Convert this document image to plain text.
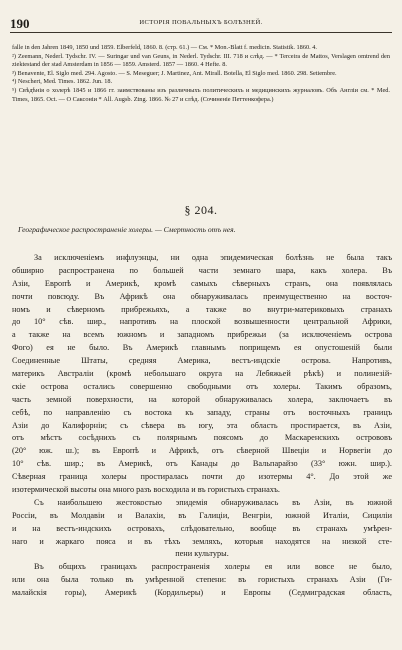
190	ИСТОРІЯ ПОВАЛЬНЫХЪ БОЛѢЗНЕЙ.

falle in den Jahren 1849, 1850 und 1859. Elberfeld, 1860. 8. (стр. 61.) — См. * Mon.-Blatt f. medicin. Statistik. 1860. 4.

²) Zeemann, Nederl. Tydschr. IV. — Suringar und van Geuns, in Nederl. Tydschr. III. 718 и слѣд. — * Terceira de Mattos, Verslagen omtrend den ziektestand der stad Amsterdam in 1856 — 1859. Amsterd. 1857 — 1860. 4 Hefte. 8.

³) Benavente, El. Siglo med. 294. Agosto. — S. Meseguer; J. Martinez, Ant. Mirall. Botella, El Siglo med. 1860. 298. Setiembre.

⁴) Neschert, Med. Times. 1862. Jun. 18.

⁵) Свѣдѣнія о холерѣ 1845 и 1866 гг. заимствованы изъ различныхъ политическихъ и медицинскихъ журналовъ. Объ Англіи см. * Med. Times, 1865. Oct. — О Саксоніи * All. Augsb. Ztng. 1866. № 27 и слѣд. (Сочиненіе Петтенкофера.)

§ 204.
Географическое распространеніе холеры. — Смертность отъ нея.
За исключеніемъ инфлуэнцы, ни одна эпидемическая болѣзнь не была такъ
обширно распространена по большей части земнаго шара, какъ холера. Въ
Азіи, Европѣ и Америкѣ, кромѣ самыхъ сѣверныхъ странъ, она появлялась
почти повсюду. Въ Африкѣ она обнаруживалась преимущественно на восточ-
номъ и сѣверномъ прибрежьяхъ, а также во внутри-материковыхъ странахъ
до 10° сѣв. шир., напротивъ на плоской возвышенности центральной Африки,
а также на всемъ южномъ и западномъ прибрежьи (за исключеніемъ острова
Фого) ея не было. Въ Америкѣ главнымъ поприщемъ ея опустошеній были
Соединенные Штаты, средняя Америка, вестъ-индскіе острова. Напротивъ,
материкъ Австраліи (кромѣ небольшаго округа на Лебяжьей рѣкѣ) и полинезій-
скіе острова остались совершенно свободными отъ холеры. Такимъ образомъ,
часть земной поверхности, на которой обнаруживалась холера, заключаетъ въ
себѣ, по направленію съ востока къ западу, страны отъ восточныхъ границъ
Азіи до Калифорніи; съ сѣвера въ югу, эта область простирается, въ Азіи,
отъ мѣстъ сосѣднихъ съ полярнымъ поясомъ до Маскаренскихъ острововъ
(20° юж. ш.); въ Европѣ и Африкѣ, отъ сѣверной Швеціи и Норвегіи до
10° сѣв. шир.; въ Америкѣ, отъ Канады до Вальпарайзо (33° южн. шир.).
Сѣверная граница холеры простиралась почти до изотермы 4°. До этой же
изотермической высоты она много разъ восходила и въ гористыхъ странахъ.
Съ наибольшею жестокостью эпидемія обнаруживалась въ Азіи, въ южной
Россіи, въ Молдавіи и Валахіи, въ Галиціи, Венгріи, южной Италіи, Сициліи
и на вестъ-индскихъ островахъ, слѣдовательно, вообще въ странахъ умѣрен-
наго и жаркаго пояса и въ тѣхъ земляхъ, которыя находятся на низкой сте-
пени культуры.
Въ общихъ границахъ распространенія холеры ея или вовсе не было,
или она была только въ умѣренной степени: въ гористыхъ странахъ Азіи (Ги-
малайскія горы), Америкѣ (Кордильеры) и Европы (Седмиградская область,
